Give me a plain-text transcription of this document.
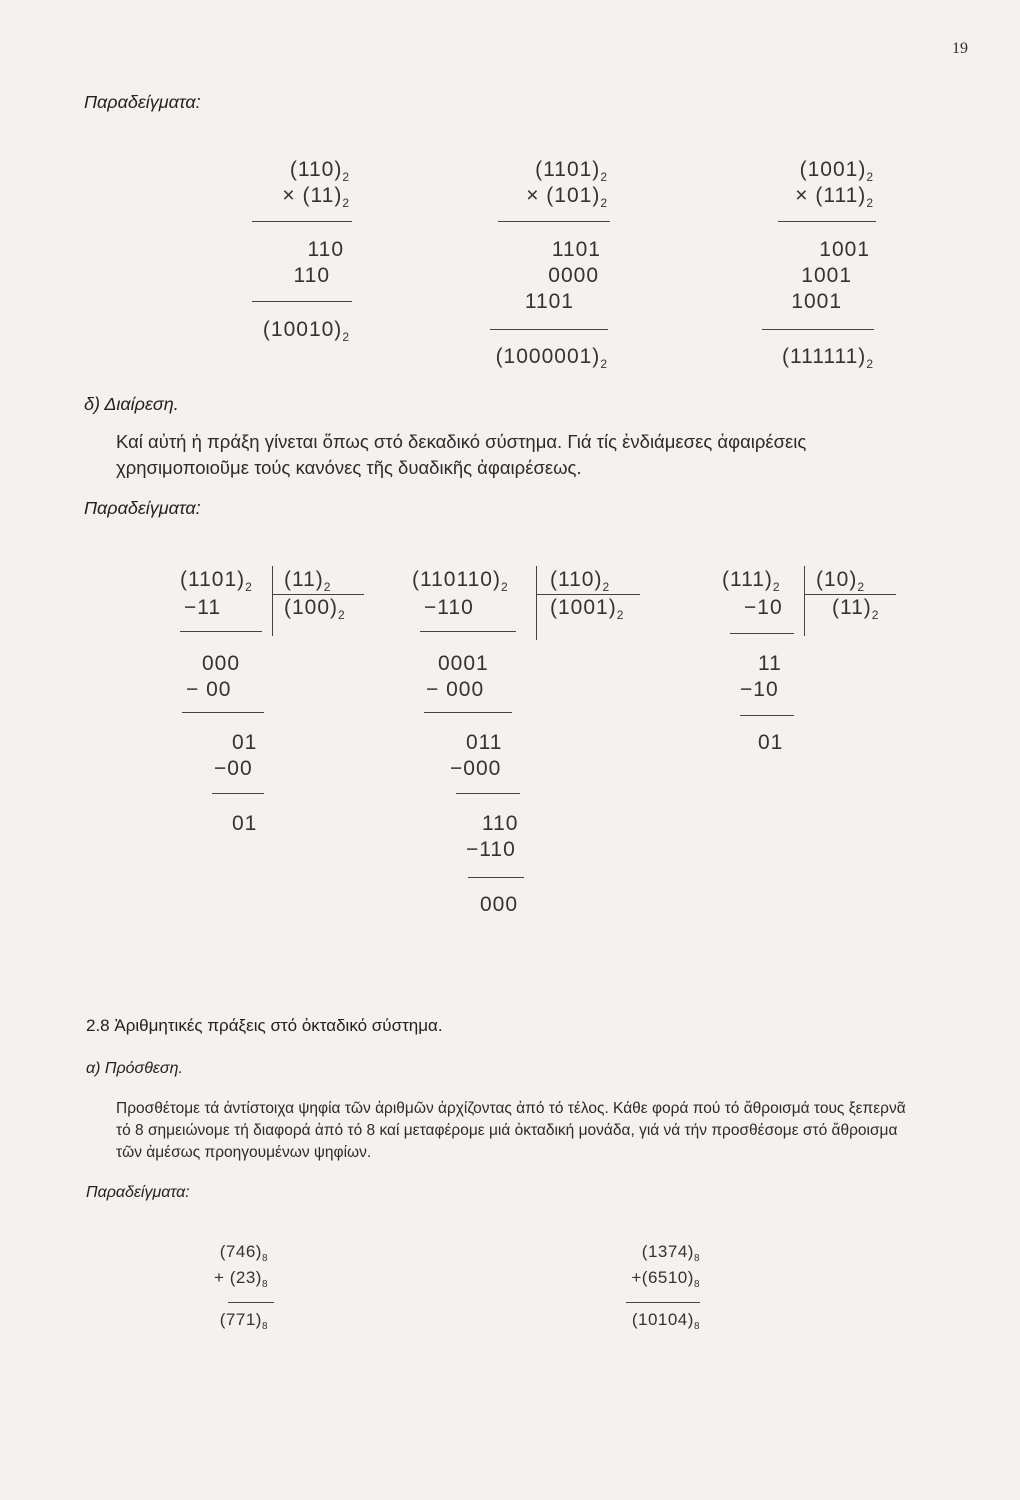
19
Παραδείγματα:
$(110)_2$
× $(11)_2$
110
110
$(10010)_2$
$(1101)_2$
× $(101)_2$
1101
0000
1101
$(1000001)_2$
$(1001)_2$
× $(111)_2$
1001
1001
1001
$(111111)_2$
δ) Διαίρεση.
Καί αὐτή ἡ πράξη γίνεται ὅπως στό δεκαδικό σύστημα. Γιά τίς ἐνδιάμεσες ἀφαιρέσεις χρησιμοποιοῦμε τούς κανόνες τῆς δυαδικῆς ἀφαιρέσεως.
Παραδείγματα:
$(1101)_2$ $(11)_2$
$(100)_2$
−11
000
− 00
01
−00
01
$(110110)_2$ $(110)_2$
$(1001)_2$
−110
0001
− 000
011
−000
110
−110
000
$(111)_2$ $(10)_2$
$(11)_2$
−10
11
−10
01
2.8 Ἀριθμητικές πράξεις στό ὀκταδικό σύστημα.
α) Πρόσθεση.
Προσθέτομε τά ἀντίστοιχα ψηφία τῶν ἀριθμῶν ἀρχίζοντας ἀπό τό τέλος. Κάθε φορά πού τό ἄθροισμά τους ξεπερνᾶ τό 8 σημειώνομε τή διαφορά ἀπό τό 8 καί μεταφέρομε μιά ὀκταδική μονάδα, γιά νά τήν προσθέσομε στό ἄθροισμα τῶν ἀμέσως προηγουμένων ψηφίων.
Παραδείγματα:
$(746)_8$
+ $(23)_8$
$(771)_8$
$(1374)_8$
$+(6510)_8$
$(10104)_8$
